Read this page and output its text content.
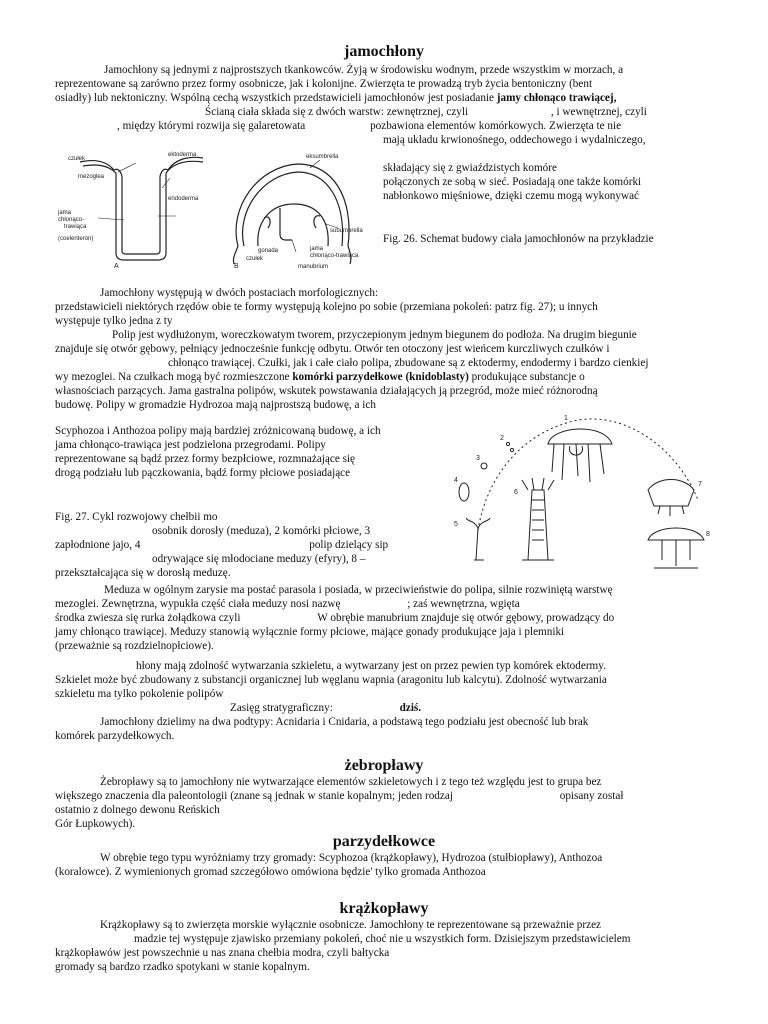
jamochłony

Jamochłony są jednymi z najprostszych tkankowców. Żyją w środowisku wodnym, przede wszystkim w morzach, a

reprezentowane są zarówno przez formy osobnicze, jak i kolonijne. Zwierzęta te prowadzą tryb życia bentoniczny (bent

osiadły) lub nektoniczny. Wspólną cechą wszystkich przedstawicieli jamochłonów jest posiadanie jamy chłonąco trawiącej,

Ścianą ciała składa się z dwóch warstw: zewnętrznej, czyli	, i wewnętrznej, czyli

, między którymi rozwija się galaretowata	pozbawiona elementów komórkowych. Zwierzęta te nie

mają układu krwionośnego, oddechowego i wydalniczego,

składający się z gwiaździstych komóre

połączonych ze sobą w sieć. Posiadają one także komórki

nabłonkowo mięśniowe, dzięki czemu mogą wykonywać

czułek
mezoglea
ektoderma
endoderma
jama
chłonąco-
trawiąca
(coelenteron)
A
eksumbrella
subumbrella
gonada
czułek
manubrium
jama
chłonąco-trawiąca
B

Fig. 26. Schemat budowy ciała jamochłonów na przykładzie

Jamochłony występują w dwóch postaciach morfologicznych:

przedstawicieli niektórych rzędów obie te formy występują kolejno po sobie (przemiana pokoleń: patrz fig. 27); u innych

występuje tylko jedna z ty

Polip jest wydłużonym, woreczkowatym tworem, przyczepionym jednym biegunem do podłoża. Na drugim biegunie

znajduje się otwór gębowy, pełniący jednocześnie funkcję odbytu. Otwór ten otoczony jest wieńcem kurczliwych czułków i

chłonąco trawiącej. Czułki, jak i całe ciało polipa, zbudowane są z ektodermy, endodermy i bardzo cienkiej

wy mezoglei. Na czułkach mogą być rozmieszczone komórki parzydełkowe (knidoblasty) produkujące substancje o

własnościach parzących. Jama gastralna polipów, wskutek powstawania działających ją przegród, może mieć różnorodną

budowę. Polipy w gromadzie Hydrozoa mają najprostszą budowę, a ich

Scyphozoa i Anthozoa polipy mają bardziej zróżnicowaną budowę, a ich

jama chłonąco-trawiąca jest podzielona przegrodami. Polipy

reprezentowane są bądź przez formy bezpłciowe, rozmnażające się

drogą podziału lub pączkowania, bądź formy płciowe posiadające

Fig. 27. Cykl rozwojowy chełbii mo

osobnik dorosły (meduza), 2 komórki płciowe, 3

zapłodnione jajo, 4	polip dzielący sip

odrywające się młodociane meduzy (efyry), 8 –

przekształcająca się w dorosłą meduzę.

1
2
3
4
5
6
7
8

Meduza w ogólnym zarysie ma postać parasola i posiada, w przeciwieństwie do polipa, silnie rozwiniętą warstwę

mezoglei. Zewnętrzna, wypukła część ciała meduzy nosi nazwę	; zaś wewnętrzna, wgięta

środka zwiesza się rurka żołądkowa czyli	W obrębie manubrium znajduje się otwór gębowy, prowadzący do

jamy chłonąco trawiącej. Meduzy stanowią wyłącznie formy płciowe, mające gonady produkujące jaja i plemniki

(przeważnie są rozdzielnopłciowe).

hłony mają zdolność wytwarzania szkieletu, a wytwarzany jest on przez pewien typ komórek ektodermy.

Szkielet może być zbudowany z substancji organicznej lub węglanu wapnia (aragonitu lub kalcytu). Zdolność wytwarzania

szkieletu ma tylko pokolenie polipów

Zasięg stratygraficzny:	dziś.

Jamochłony dzielimy na dwa podtypy: Acnidaria i Cnidaria, a podstawą tego podziału jest obecność lub brak

komórek parzydełkowych.

żebropławy

Żebropławy są to jamochłony nie wytwarzające elementów szkieletowych i z tego też względu jest to grupa bez

większego znaczenia dla paleontologii (znane są jednak w stanie kopalnym; jeden rodzaj	opisany został

ostatnio z dolnego dewonu Reńskich

Gór Łupkowych).

parzydełkowce

W obrębie tego typu wyróżniamy trzy gromady: Scyphozoa (krążkopławy), Hydrozoa (stułbiopławy), Anthozoa

(koralowce). Z wymienionych gromad szczegółowo omówiona będzie' tylko gromada Anthozoa

krążkopławy

Krążkopławy są to zwierzęta morskie wyłącznie osobnicze. Jamochłony te reprezentowane są przeważnie przez

madzie tej występuje zjawisko przemiany pokoleń, choć nie u wszystkich form. Dzisiejszym przedstawicielem

krążkopławów jest powszechnie u nas znana chełbia modra, czyli bałtycka

gromady są bardzo rzadko spotykani w stanie kopalnym.
